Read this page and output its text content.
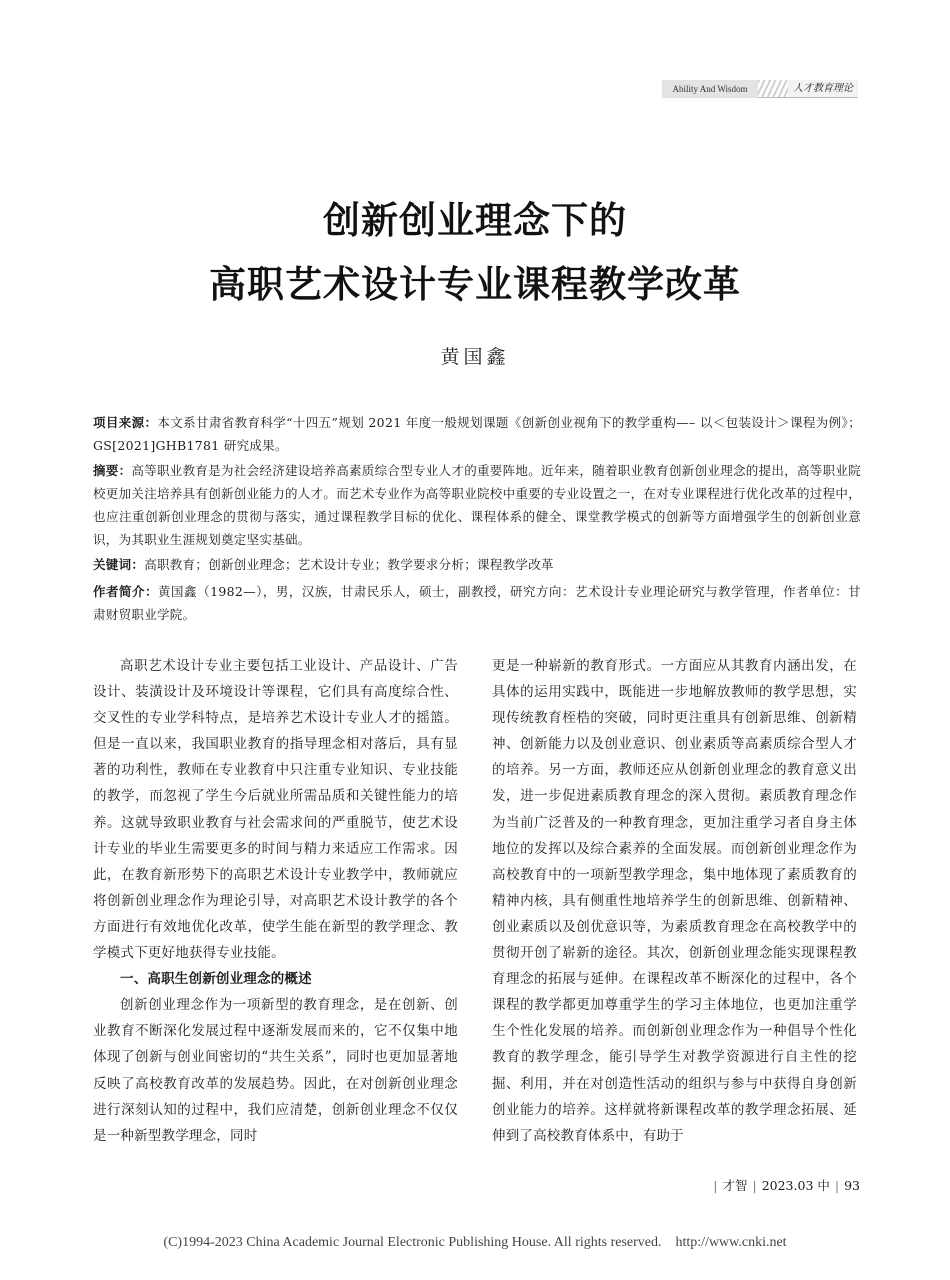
Ability And Wisdom	人才教育理论
创新创业理念下的
高职艺术设计专业课程教学改革
黄国鑫
项目来源：本文系甘肃省教育科学“十四五”规划 2021 年度一般规划课题《创新创业视角下的教学重构—– 以＜包装设计＞课程为例》；GS[2021]GHB1781 研究成果。
摘要：高等职业教育是为社会经济建设培养高素质综合型专业人才的重要阵地。近年来，随着职业教育创新创业理念的提出，高等职业院校更加关注培养具有创新创业能力的人才。而艺术专业作为高等职业院校中重要的专业设置之一，在对专业课程进行优化改革的过程中，也应注重创新创业理念的贯彻与落实，通过课程教学目标的优化、课程体系的健全、课堂教学模式的创新等方面增强学生的创新创业意识，为其职业生涯规划奠定坚实基础。
关键词：高职教育；创新创业理念；艺术设计专业；教学要求分析；课程教学改革
作者简介：黄国鑫（1982—），男，汉族，甘肃民乐人，硕士，副教授，研究方向：艺术设计专业理论研究与教学管理，作者单位：甘肃财贸职业学院。

高职艺术设计专业主要包括工业设计、产品设计、广告设计、装潢设计及环境设计等课程，它们具有高度综合性、交叉性的专业学科特点，是培养艺术设计专业人才的摇篮。但是一直以来，我国职业教育的指导理念相对落后，具有显著的功利性，教师在专业教育中只注重专业知识、专业技能的教学，而忽视了学生今后就业所需品质和关键性能力的培养。这就导致职业教育与社会需求间的严重脱节，使艺术设计专业的毕业生需要更多的时间与精力来适应工作需求。因此，在教育新形势下的高职艺术设计专业教学中，教师就应将创新创业理念作为理论引导，对高职艺术设计教学的各个方面进行有效地优化改革，使学生能在新型的教学理念、教学模式下更好地获得专业技能。

一、高职生创新创业理念的概述

创新创业理念作为一项新型的教育理念，是在创新、创业教育不断深化发展过程中逐渐发展而来的，它不仅集中地体现了创新与创业间密切的“共生关系”，同时也更加显著地反映了高校教育改革的发展趋势。因此，在对创新创业理念进行深刻认知的过程中，我们应清楚，创新创业理念不仅仅是一种新型教学理念，同时

更是一种崭新的教育形式。一方面应从其教育内涵出发，在具体的运用实践中，既能进一步地解放教师的教学思想，实现传统教育桎梏的突破，同时更注重具有创新思维、创新精神、创新能力以及创业意识、创业素质等高素质综合型人才的培养。另一方面，教师还应从创新创业理念的教育意义出发，进一步促进素质教育理念的深入贯彻。素质教育理念作为当前广泛普及的一种教育理念，更加注重学习者自身主体地位的发挥以及综合素养的全面发展。而创新创业理念作为高校教育中的一项新型教学理念，集中地体现了素质教育的精神内核，具有侧重性地培养学生的创新思维、创新精神、创业素质以及创优意识等，为素质教育理念在高校教学中的贯彻开创了崭新的途径。其次，创新创业理念能实现课程教育理念的拓展与延伸。在课程改革不断深化的过程中，各个课程的教学都更加尊重学生的学习主体地位，也更加注重学生个性化发展的培养。而创新创业理念作为一种倡导个性化教育的教学理念，能引导学生对教学资源进行自主性的挖掘、利用，并在对创造性活动的组织与参与中获得自身创新创业能力的培养。这样就将新课程改革的教学理念拓展、延伸到了高校教育体系中，有助于

| 才智 | 2023.03 中 | 93
(C)1994-2023 China Academic Journal Electronic Publishing House. All rights reserved.    http://www.cnki.net
